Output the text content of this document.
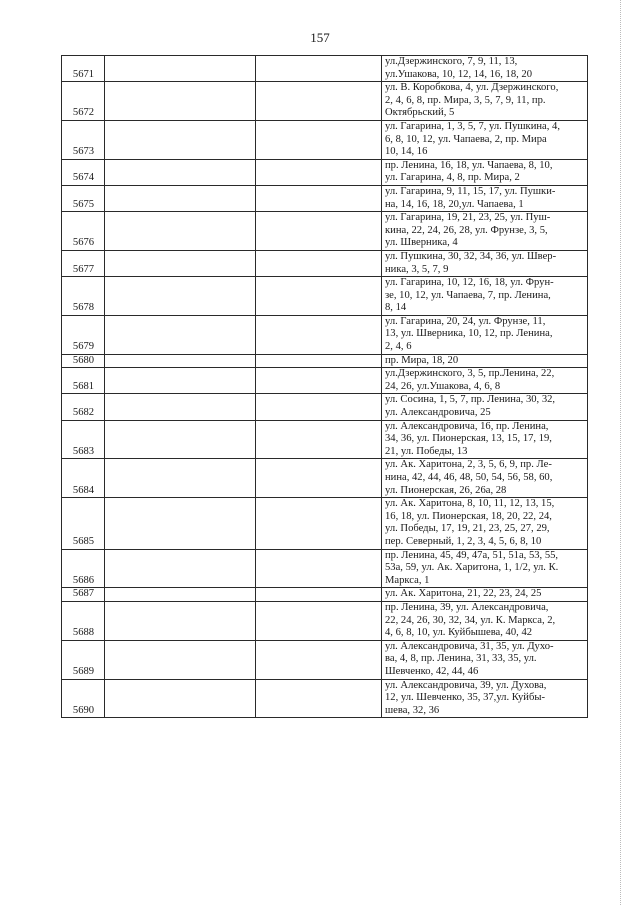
157
5671			ул.Дзержинского, 7, 9, 11, 13,
ул.Ушакова, 10, 12, 14, 16, 18, 20

5672			ул. В. Коробкова, 4, ул. Дзержинского,
2, 4, 6, 8, пр. Мира, 3, 5, 7, 9, 11, пр.
Октябрьский, 5

5673			ул. Гагарина, 1, 3, 5, 7, ул. Пушкина, 4,
6, 8, 10, 12, ул. Чапаева, 2, пр. Мира
10, 14, 16

5674			пр. Ленина, 16, 18, ул. Чапаева, 8, 10,
ул. Гагарина, 4, 8, пр. Мира, 2

5675			ул. Гагарина, 9, 11, 15, 17, ул. Пушки-
на, 14, 16, 18, 20,ул. Чапаева, 1

5676			ул. Гагарина, 19, 21, 23, 25, ул. Пуш-
кина, 22, 24, 26, 28, ул. Фрунзе, 3, 5,
ул. Шверника, 4

5677			ул. Пушкина, 30, 32, 34, 36, ул. Швер-
ника, 3, 5, 7, 9

5678			ул. Гагарина, 10, 12, 16, 18, ул. Фрун-
зе, 10, 12, ул. Чапаева, 7, пр. Ленина,
8, 14

5679			ул. Гагарина, 20, 24, ул. Фрунзе, 11,
13, ул. Шверника, 10, 12, пр. Ленина,
2, 4, 6

5680			пр. Мира, 18, 20

5681			ул.Дзержинского, 3, 5, пр.Ленина, 22,
24, 26, ул.Ушакова, 4, 6, 8

5682			ул. Сосина, 1, 5, 7, пр. Ленина, 30, 32,
ул. Александровича, 25

5683			ул. Александровича, 16, пр. Ленина,
34, 36, ул. Пионерская, 13, 15, 17, 19,
21, ул. Победы, 13

5684			ул. Ак. Харитона, 2, 3, 5, 6, 9, пр. Ле-
нина, 42, 44, 46, 48, 50, 54, 56, 58, 60,
ул. Пионерская, 26, 26а, 28

5685			ул. Ак. Харитона, 8, 10, 11, 12, 13, 15,
16, 18, ул. Пионерская, 18, 20, 22, 24,
ул. Победы, 17, 19, 21, 23, 25, 27, 29,
пер. Северный, 1, 2, 3, 4, 5, 6, 8, 10

5686			пр. Ленина, 45, 49, 47а, 51, 51а, 53, 55,
53а, 59, ул. Ак. Харитона, 1, 1/2, ул. К.
Маркса, 1

5687			ул. Ак. Харитона, 21, 22, 23, 24, 25

5688			пр. Ленина, 39, ул. Александровича,
22, 24, 26, 30, 32, 34, ул. К. Маркса, 2,
4, 6, 8, 10, ул. Куйбышева, 40, 42

5689			ул. Александровича, 31, 35, ул. Духо-
ва, 4, 8, пр. Ленина, 31, 33, 35, ул.
Шевченко, 42, 44, 46

5690			ул. Александровича, 39, ул. Духова,
12, ул. Шевченко, 35, 37,ул. Куйбы-
шева, 32, 36
